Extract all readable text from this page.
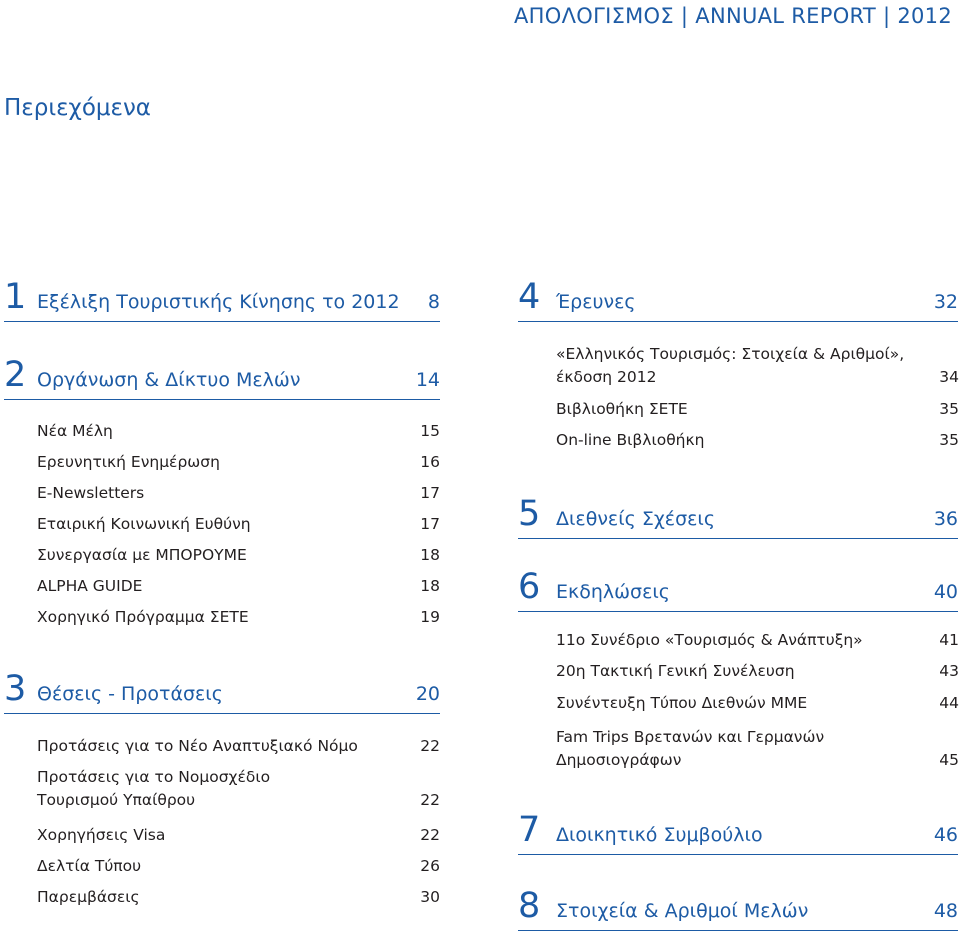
ΑΠΟΛΟΓΙΣΜΟΣ | ANNUAL REPORT | 2012
Περιεχόμενα
1 Εξέλιξη Τουριστικής Κίνησης το 2012	8
2 Οργάνωση & Δίκτυο Μελών	14
Νέα Μέλη	15
Ερευνητική Ενημέρωση	16
E-Newsletters	17
Εταιρική Κοινωνική Ευθύνη	17
Συνεργασία με ΜΠΟΡΟΥΜΕ	18
ALPHA GUIDE	18
Χορηγικό Πρόγραμμα ΣΕΤΕ	19
3 Θέσεις - Προτάσεις	20
Προτάσεις για το Νέο Αναπτυξιακό Νόμο	22
Προτάσεις για το Νομοσχέδιο
Τουρισμού Υπαίθρου	22
Χορηγήσεις Visa	22
Δελτία Τύπου	26
Παρεμβάσεις	30
4 Έρευνες	32
«Ελληνικός Τουρισμός: Στοιχεία & Αριθμοί»,
έκδοση 2012	34
Βιβλιοθήκη ΣΕΤΕ	35
On-line Βιβλιοθήκη	35
5 Διεθνείς Σχέσεις	36
6 Εκδηλώσεις	40
11ο Συνέδριο «Τουρισμός & Ανάπτυξη»	41
20η Τακτική Γενική Συνέλευση	43
Συνέντευξη Τύπου Διεθνών ΜΜΕ	44
Fam Trips Βρετανών και Γερμανών
Δημοσιογράφων	45
7 Διοικητικό Συμβούλιο	46
8 Στοιχεία & Αριθμοί Μελών	48
